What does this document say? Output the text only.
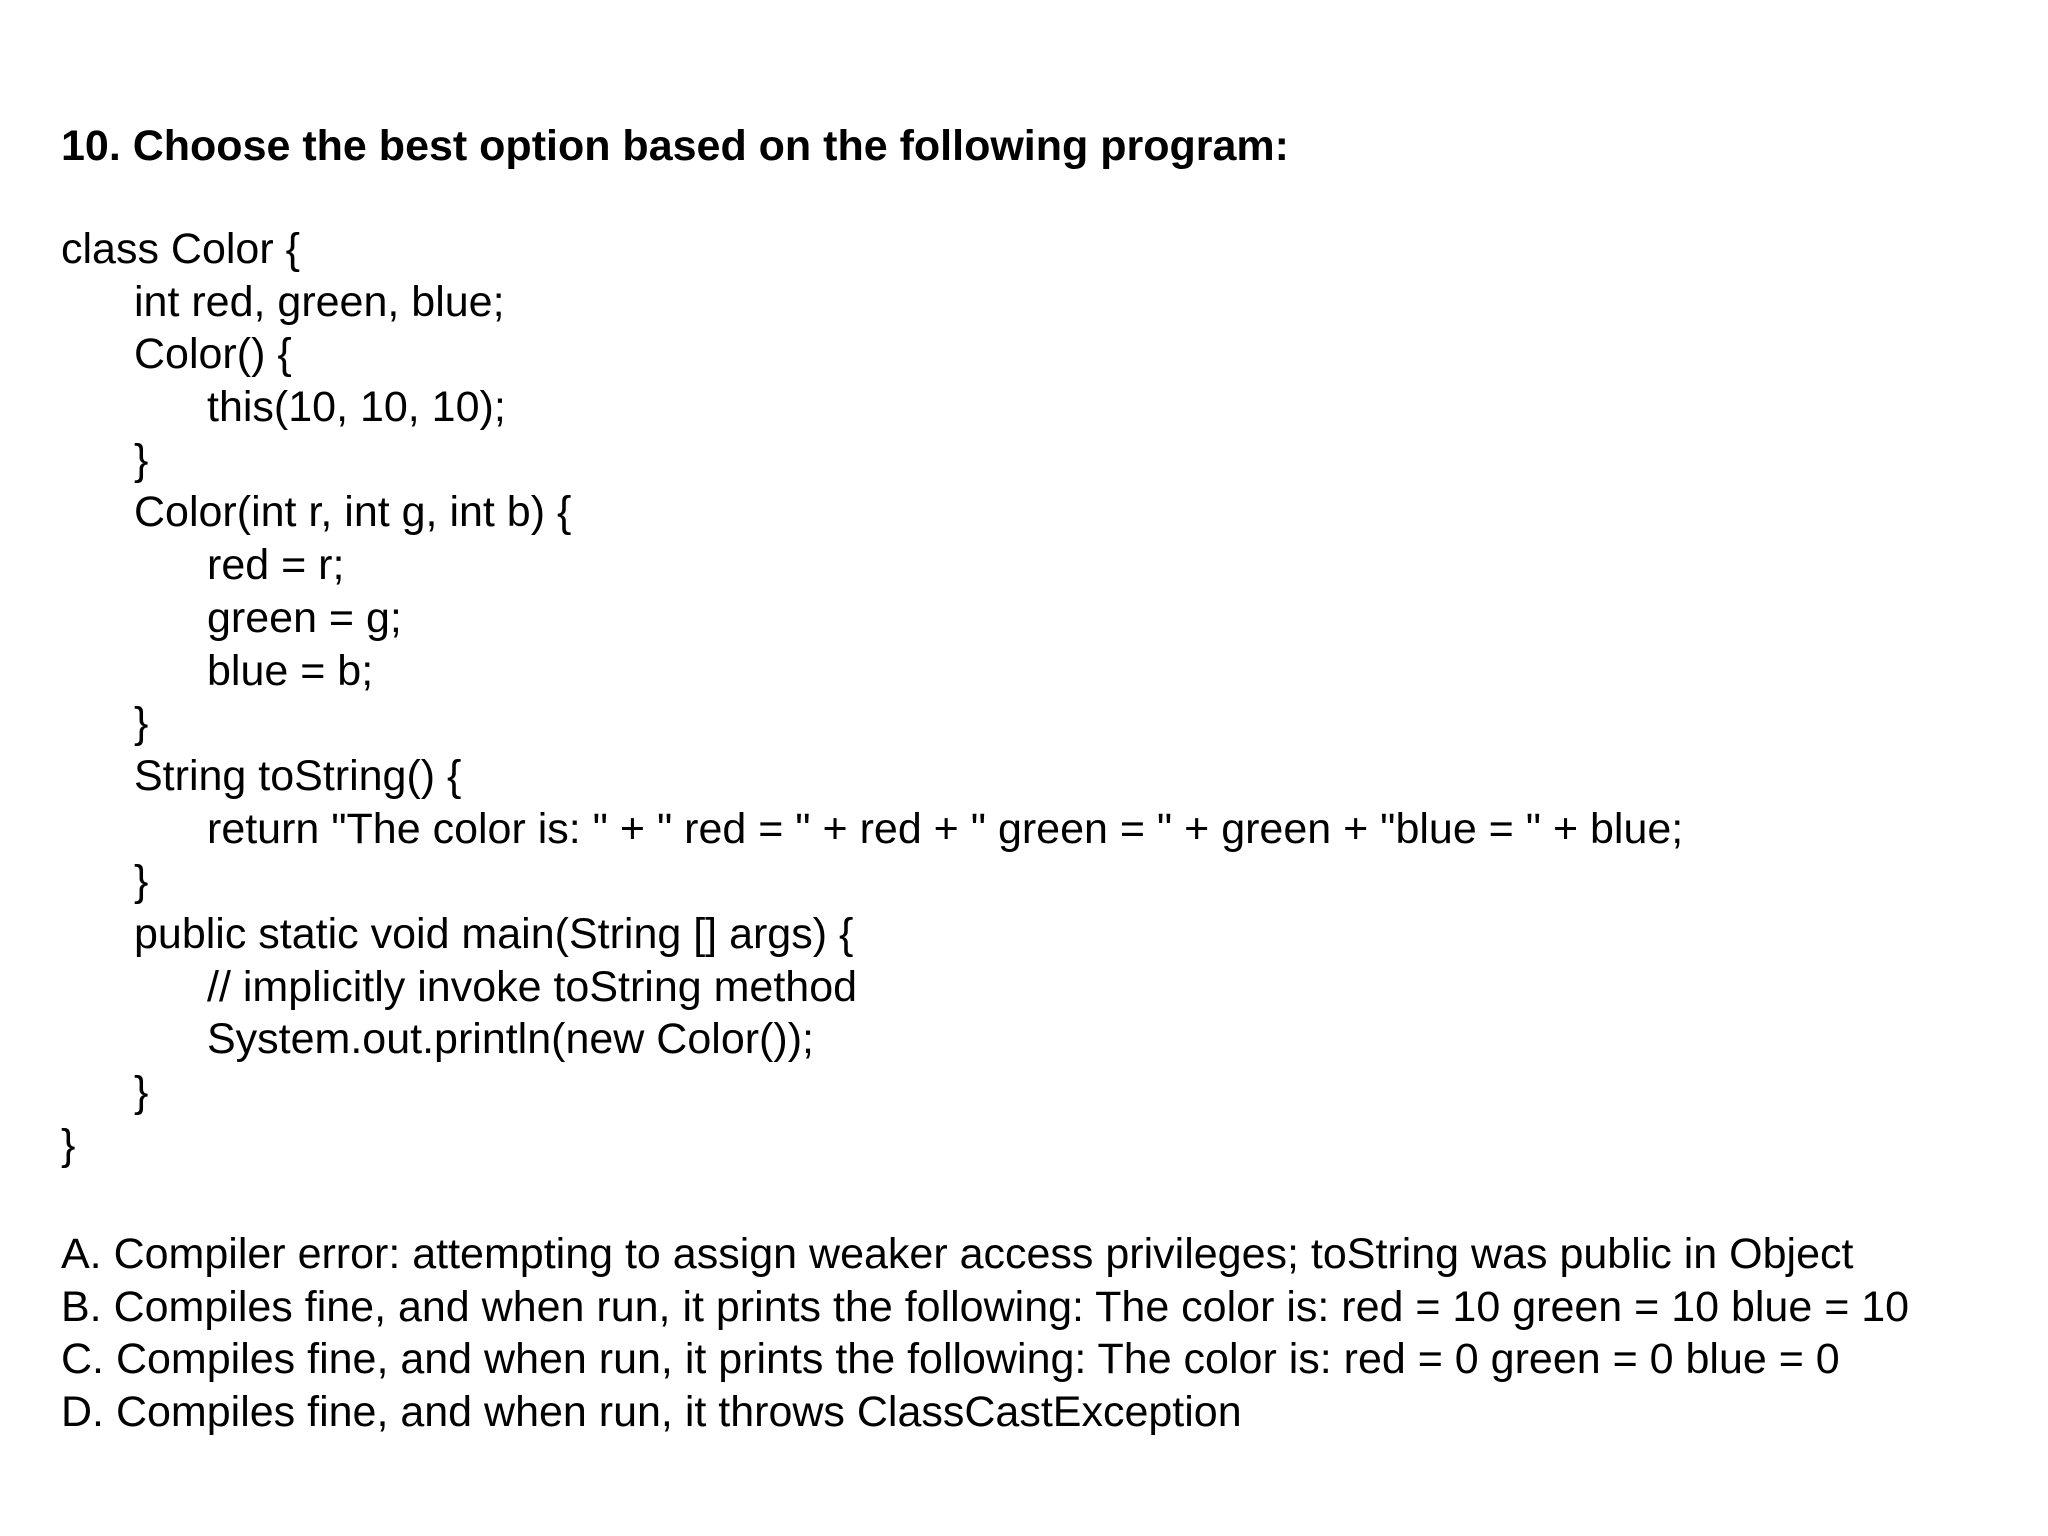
10. Choose the best option based on the following program:
class Color {
int red, green, blue;
Color() {
this(10, 10, 10);
}
Color(int r, int g, int b) {
red = r;
green = g;
blue = b;
}
String toString() {
return "The color is: " + " red = " + red + " green = " + green + "blue = " + blue;
}
public static void main(String [] args) {
// implicitly invoke toString method
System.out.println(new Color());
}
}
A. Compiler error: attempting to assign weaker access privileges; toString was public in Object
B. Compiles fine, and when run, it prints the following: The color is: red = 10 green = 10 blue = 10
C. Compiles fine, and when run, it prints the following: The color is: red = 0 green = 0 blue = 0
D. Compiles fine, and when run, it throws ClassCastException
